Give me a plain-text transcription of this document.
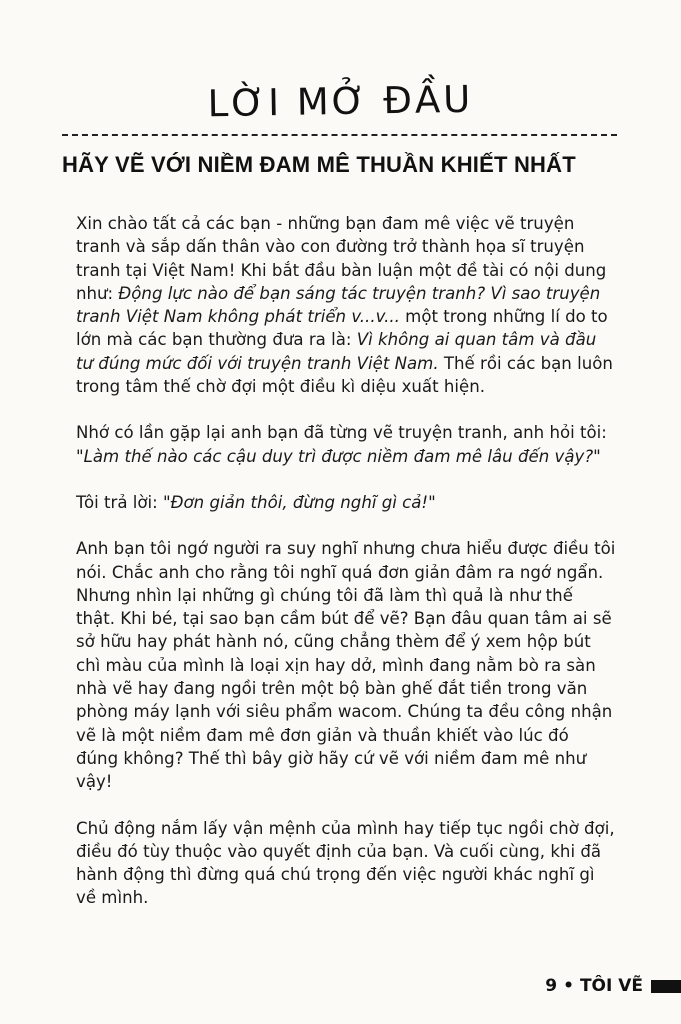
LỜI MỞ ĐẦU
HÃY VẼ VỚI NIỀM ĐAM MÊ THUẦN KHIẾT NHẤT

Xin chào tất cả các bạn - những bạn đam mê việc vẽ truyện tranh và sắp dấn thân vào con đường trở thành họa sĩ truyện tranh tại Việt Nam! Khi bắt đầu bàn luận một đề tài có nội dung như: Động lực nào để bạn sáng tác truyện tranh? Vì sao truyện tranh Việt Nam không phát triển v...v... một trong những lí do to lớn mà các bạn thường đưa ra là: Vì không ai quan tâm và đầu tư đúng mức đối với truyện tranh Việt Nam. Thế rồi các bạn luôn trong tâm thế chờ đợi một điều kì diệu xuất hiện.

Nhớ có lần gặp lại anh bạn đã từng vẽ truyện tranh, anh hỏi tôi: "Làm thế nào các cậu duy trì được niềm đam mê lâu đến vậy?"

Tôi trả lời: "Đơn giản thôi, đừng nghĩ gì cả!"

Anh bạn tôi ngớ người ra suy nghĩ nhưng chưa hiểu được điều tôi nói. Chắc anh cho rằng tôi nghĩ quá đơn giản đâm ra ngớ ngẩn. Nhưng nhìn lại những gì chúng tôi đã làm thì quả là như thế thật. Khi bé, tại sao bạn cầm bút để vẽ? Bạn đâu quan tâm ai sẽ sở hữu hay phát hành nó, cũng chẳng thèm để ý xem hộp bút chì màu của mình là loại xịn hay dở, mình đang nằm bò ra sàn nhà vẽ hay đang ngồi trên một bộ bàn ghế đắt tiền trong văn phòng máy lạnh với siêu phẩm wacom. Chúng ta đều công nhận vẽ là một niềm đam mê đơn giản và thuần khiết vào lúc đó đúng không? Thế thì bây giờ hãy cứ vẽ với niềm đam mê như vậy!

Chủ động nắm lấy vận mệnh của mình hay tiếp tục ngồi chờ đợi, điều đó tùy thuộc vào quyết định của bạn. Và cuối cùng, khi đã hành động thì đừng quá chú trọng đến việc người khác nghĩ gì về mình.

9 • TÔI VẼ
